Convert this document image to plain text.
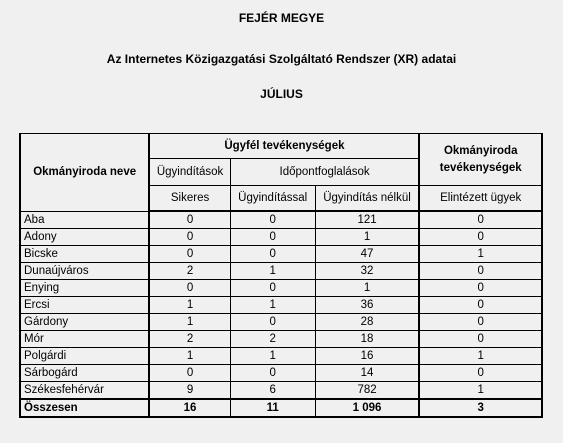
FEJÉR MEGYE
Az Internetes Közigazgatási Szolgáltató Rendszer (XR) adatai
JÚLIUS
Okmányiroda neve	Ügyfél tevékenységek			Okmányiroda tevékenységek
	Ügyindítások	Időpontfoglalások		
	Sikeres	Ügyindítással	Ügyindítás nélkül	Elintézett ügyek
Aba	0	0	121	0
Adony	0	0	1	0
Bicske	0	0	47	1
Dunaújváros	2	1	32	0
Enying	0	0	1	0
Ercsi	1	1	36	0
Gárdony	1	0	28	0
Mór	2	2	18	0
Polgárdi	1	1	16	1
Sárbogárd	0	0	14	0
Székesfehérvár	9	6	782	1
Összesen	16	11	1 096	3
